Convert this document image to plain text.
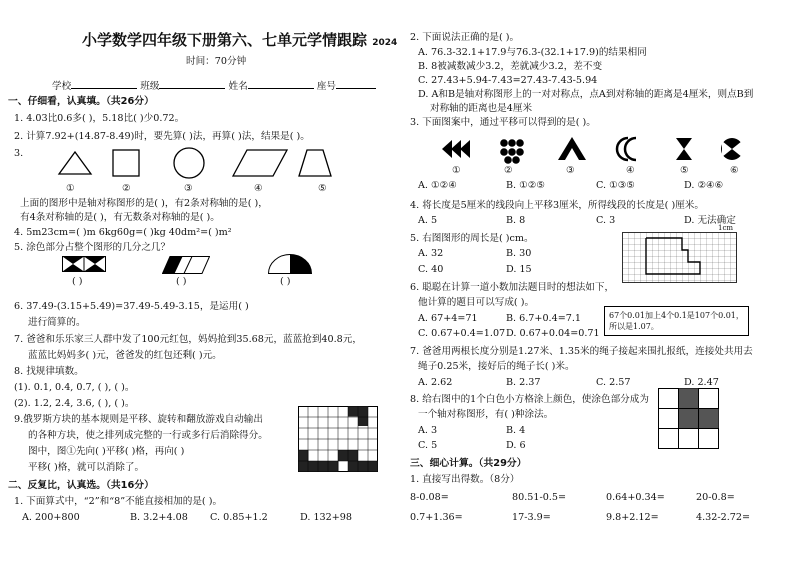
小学数学四年级下册第六、七单元学情跟踪 2024
时间：70分钟
学校	班级	姓名	座号
一、仔细看，认真填。（共26分）
1. 4.03比0.6多( )，5.18比( )少0.72。
2. 计算7.92+(14.87-8.49)时，要先算( )法，再算( )法，结果是( )。
3.
①	②	③	④	⑤
上面的图形中是轴对称图形的是( )，有2条对称轴的是( )，
有4条对称轴的是( )，有无数条对称轴的是( )。
4. 5m23cm=( )m 6kg60g=( )kg 40dm²=( )m²
5. 涂色部分占整个图形的几分之几？
( )	( )	( )
6. 37.49-(3.15+5.49)=37.49-5.49-3.15，是运用( )
进行简算的。
7. 爸爸和乐乐家三人群中发了100元红包，妈妈抢到35.68元，蓝蓝抢到40.8元，
蓝蓝比妈妈多( )元，爸爸发的红包还剩( )元。
8. 找规律填数。
(1). 0.1, 0.4, 0.7, ( ), ( )。
(2). 1.2, 2.4, 3.6, ( ), ( )。
9.俄罗斯方块的基本规则是平移、旋转和翻放游戏自动输出
的各种方块，使之排列成完整的一行或多行后消除得分。
图中，图①先向( )平移( )格，再向( )
平移( )格，就可以消除了。
二、反复比，认真选。（共16分）
1. 下面算式中，“2”和“8”不能直接相加的是( )。
A. 200+800	B. 3.2+4.08 C. 0.85+1.2	D. 132+98
2. 下面说法正确的是( )。
A. 76.3-32.1+17.9与76.3-(32.1+17.9)的结果相同
B. 8被减数减少3.2，差就减少3.2，差不变
C. 27.43+5.94-7.43=27.43-7.43-5.94
D. A和B是轴对称图形上的一对对称点，点A到对称轴的距离是4厘米，则点B到
对称轴的距离也是4厘米
3. 下面图案中，通过平移可以得到的是( )。
①	②	③	④	⑤	⑥
A. ①②④	B. ①②⑤	C. ①③⑤	D. ②④⑥
4. 将长度是5厘米的线段向上平移3厘米，所得线段的长度是( )厘米。
A. 5	B. 8	C. 3	D. 无法确定
5. 右图图形的周长是( )cm。
A. 32	B. 30
C. 40	D. 15
1cm
6. 聪聪在计算一道小数加法题目时的想法如下，
他计算的题目可以写成( )。
67个0.01加上4个0.1是107个0.01，
所以是1.07。
A. 67+4=71	B. 6.7+0.4=7.1
C. 0.67+0.4=1.07 D. 0.67+0.04=0.71
7. 爸爸用两根长度分别是1.27米、1.35米的绳子接起来围扎报纸，连接处共用去
绳子0.25米，接好后的绳子长( )米。
A. 2.62	B. 2.37	C. 2.57	D. 2.47
8. 给右图中的1个白色小方格涂上颜色，使涂色部分成为
一个轴对称图形，有( )种涂法。
A. 3	B. 4
C. 5	D. 6
三、细心计算。（共29分）
1. 直接写出得数。（8分）
8-0.08=	80.51-0.5=	0.64+0.34=	20-0.8=
0.7+1.36=	17-3.9=	9.8+2.12=	4.32-2.72=
